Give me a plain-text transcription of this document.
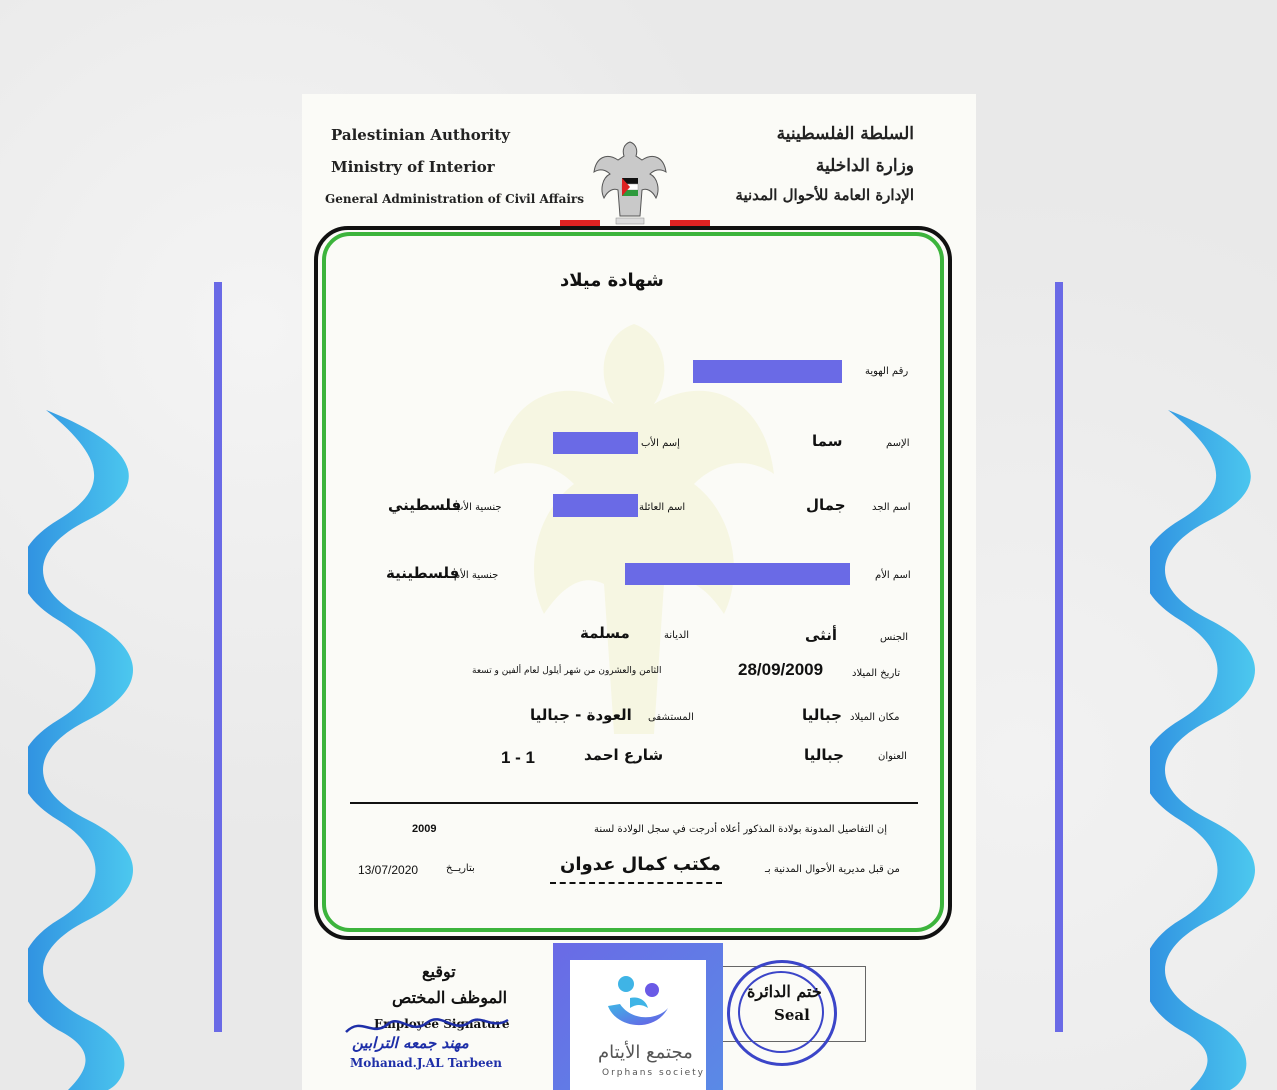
Palestinian Authority
Ministry of Interior
General Administration of Civil Affairs
السلطة الفلسطينية
وزارة الداخلية
الإدارة العامة للأحوال المدنية
شهادة ميلاد
رقم الهوية
الإسم
سما
إسم الأب
اسم الجد
جمال
اسم العائلة
جنسية الأب
فلسطيني
اسم الأم
جنسية الأم
فلسطينية
الجنس
أنثى
الديانة
مسلمة
تاريخ الميلاد
28/09/2009
الثامن والعشرون من شهر أيلول لعام ألفين و تسعة
مكان الميلاد
جباليا
المستشفى
العودة - جباليا
العنوان
جباليا
شارع احمد
1 - 1
إن التفاصيل المدونة بولادة المذكور أعلاه أدرجت في سجل الولادة لسنة
2009
من قبل مديرية الأحوال المدنية بـ
مكتب كمال عدوان
بتاريــخ
13/07/2020
توقيع
الموظف المختص
Employee Signature
مهند جمعه الترابين
Mohanad.J.AL Tarbeen
ختم الدائرة
Seal
مجتمع الأيتام
Orphans society
